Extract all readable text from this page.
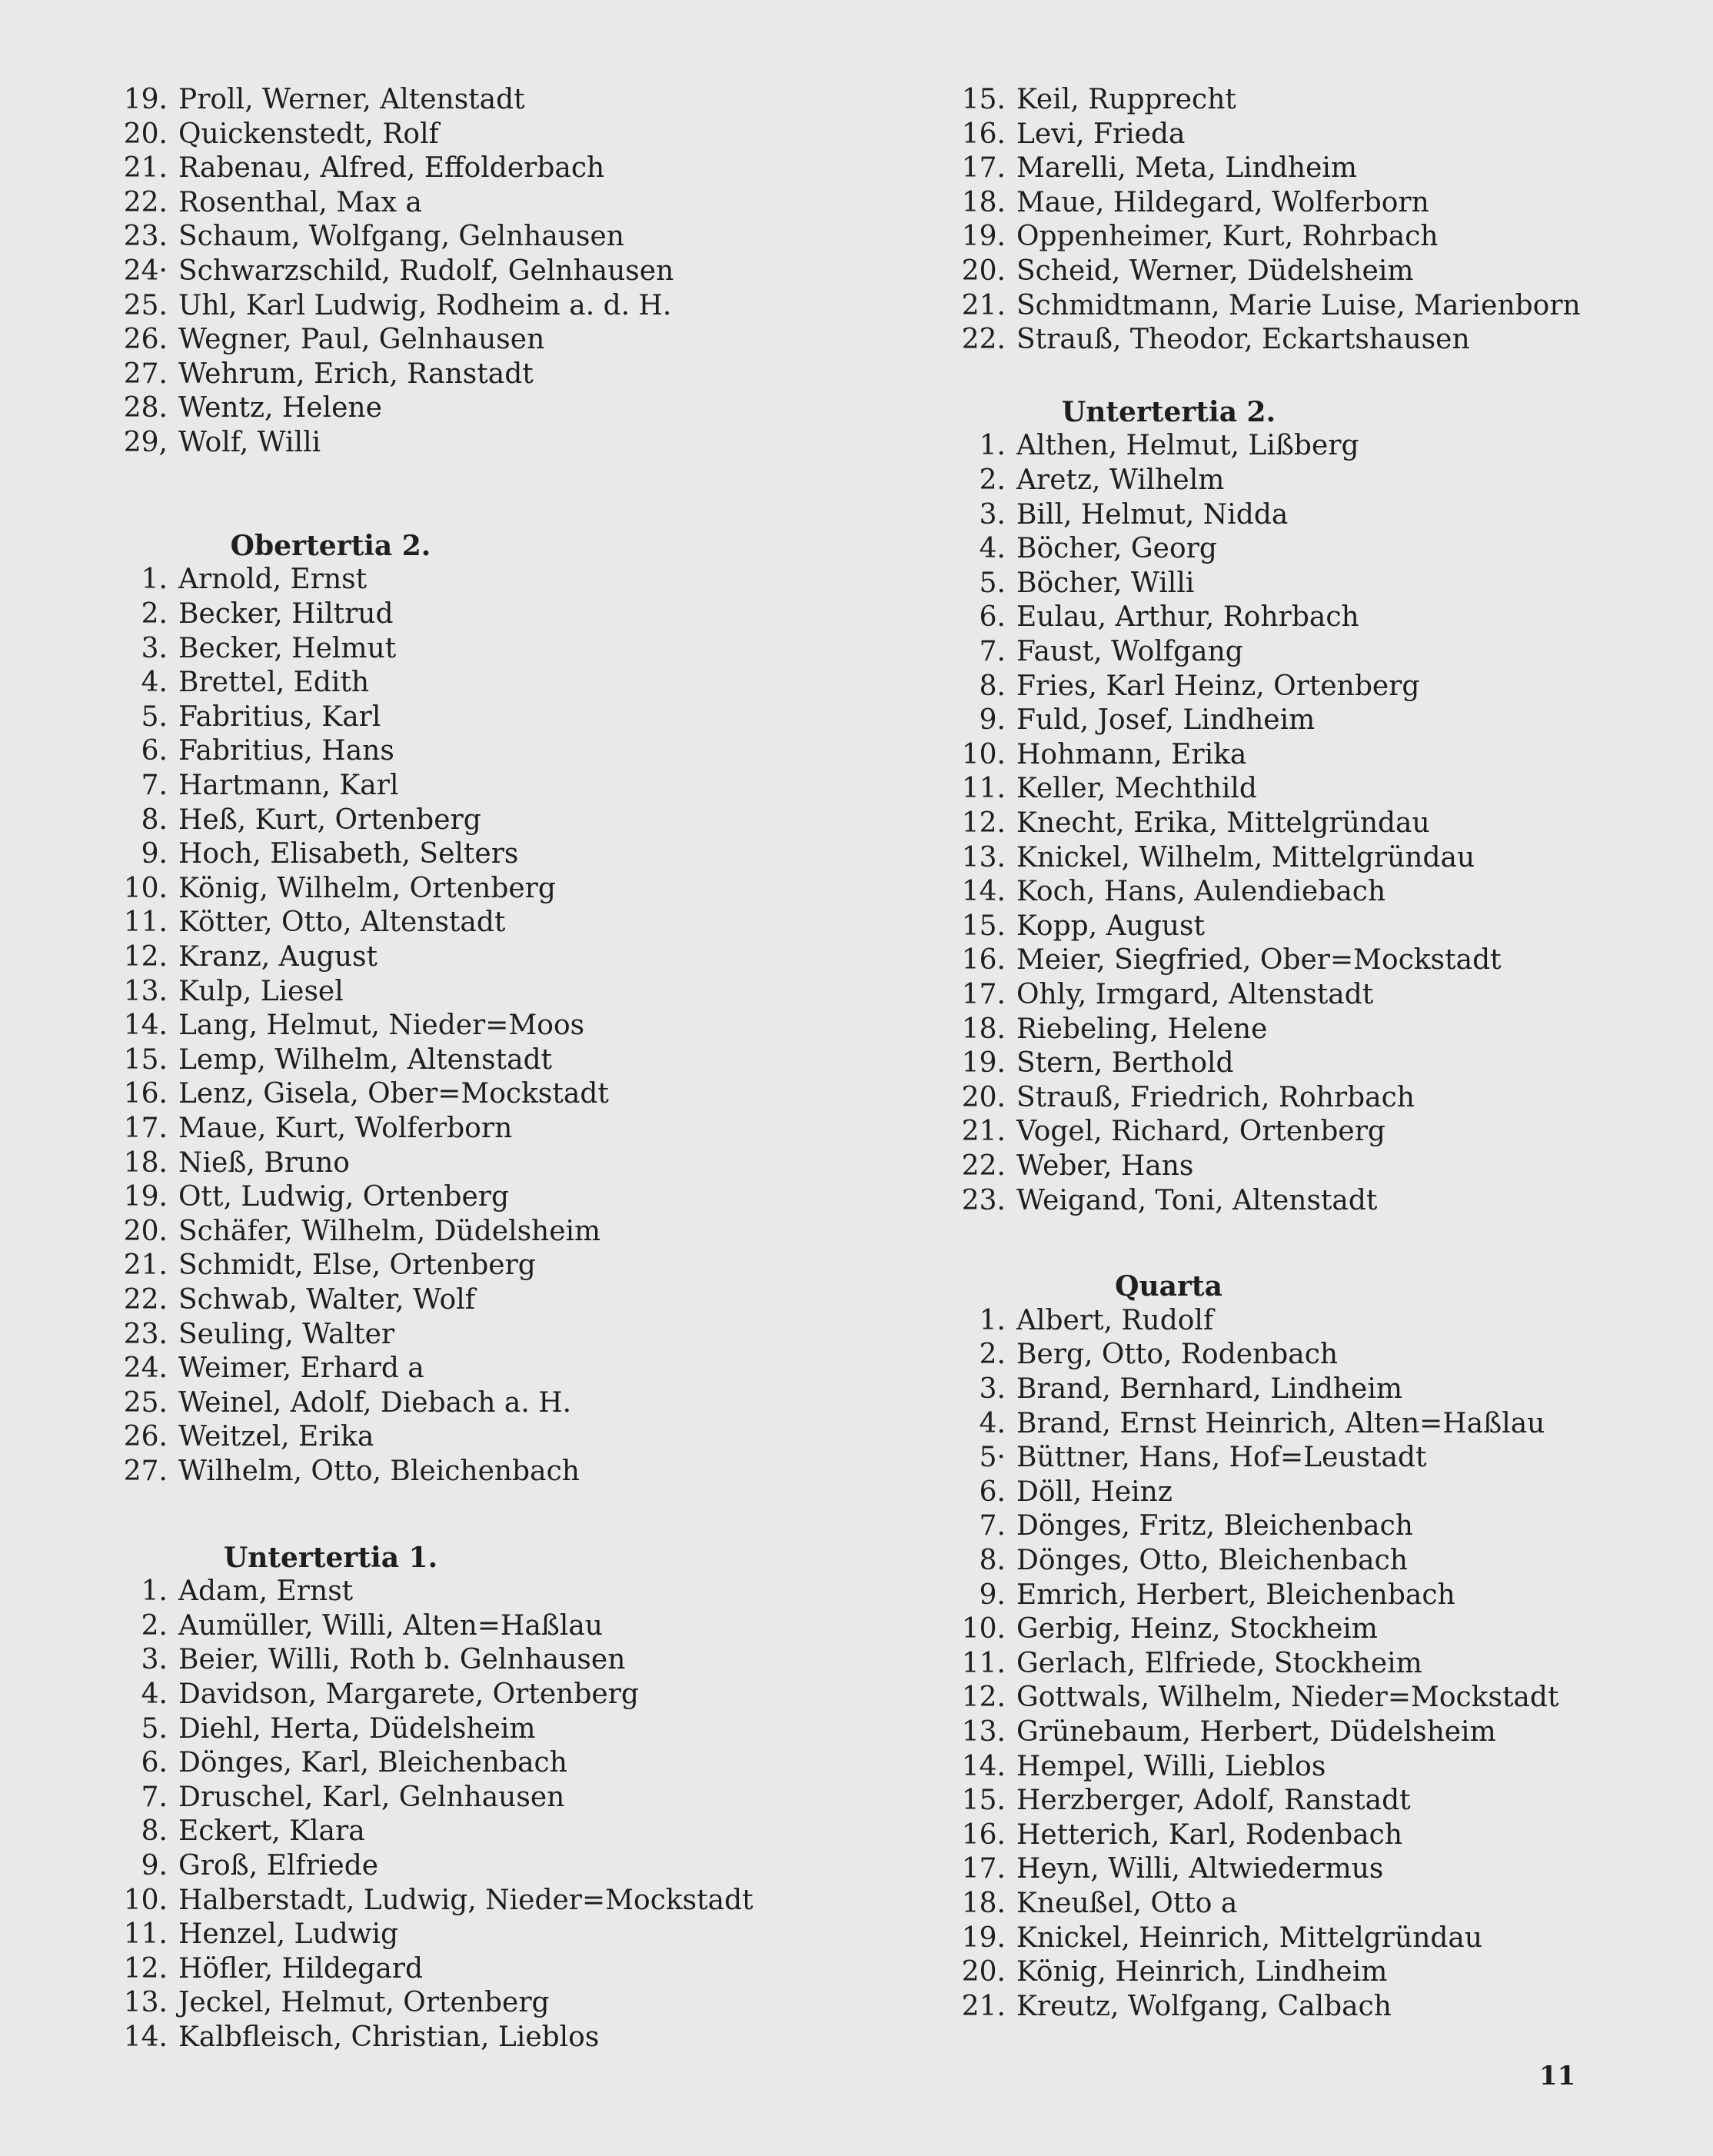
19. Proll, Werner, Altenstadt
20. Quickenstedt, Rolf
21. Rabenau, Alfred, Effolderbach
22. Rosenthal, Max a
23. Schaum, Wolfgang, Gelnhausen
24· Schwarzschild, Rudolf, Gelnhausen
25. Uhl, Karl Ludwig, Rodheim a. d. H.
26. Wegner, Paul, Gelnhausen
27. Wehrum, Erich, Ranstadt
28. Wentz, Helene
29, Wolf, Willi
Obertertia 2.
1. Arnold, Ernst
2. Becker, Hiltrud
3. Becker, Helmut
4. Brettel, Edith
5. Fabritius, Karl
6. Fabritius, Hans
7. Hartmann, Karl
8. Heß, Kurt, Ortenberg
9. Hoch, Elisabeth, Selters
10. König, Wilhelm, Ortenberg
11. Kötter, Otto, Altenstadt
12. Kranz, August
13. Kulp, Liesel
14. Lang, Helmut, Nieder=Moos
15. Lemp, Wilhelm, Altenstadt
16. Lenz, Gisela, Ober=Mockstadt
17. Maue, Kurt, Wolferborn
18. Nieß, Bruno
19. Ott, Ludwig, Ortenberg
20. Schäfer, Wilhelm, Düdelsheim
21. Schmidt, Else, Ortenberg
22. Schwab, Walter, Wolf
23. Seuling, Walter
24. Weimer, Erhard a
25. Weinel, Adolf, Diebach a. H.
26. Weitzel, Erika
27. Wilhelm, Otto, Bleichenbach
Untertertia 1.
1. Adam, Ernst
2. Aumüller, Willi, Alten=Haßlau
3. Beier, Willi, Roth b. Gelnhausen
4. Davidson, Margarete, Ortenberg
5. Diehl, Herta, Düdelsheim
6. Dönges, Karl, Bleichenbach
7. Druschel, Karl, Gelnhausen
8. Eckert, Klara
9. Groß, Elfriede
10. Halberstadt, Ludwig, Nieder=Mockstadt
11. Henzel, Ludwig
12. Höfler, Hildegard
13. Jeckel, Helmut, Ortenberg
14. Kalbfleisch, Christian, Lieblos
15. Keil, Rupprecht
16. Levi, Frieda
17. Marelli, Meta, Lindheim
18. Maue, Hildegard, Wolferborn
19. Oppenheimer, Kurt, Rohrbach
20. Scheid, Werner, Düdelsheim
21. Schmidtmann, Marie Luise, Marienborn
22. Strauß, Theodor, Eckartshausen
Untertertia 2.
1. Althen, Helmut, Lißberg
2. Aretz, Wilhelm
3. Bill, Helmut, Nidda
4. Böcher, Georg
5. Böcher, Willi
6. Eulau, Arthur, Rohrbach
7. Faust, Wolfgang
8. Fries, Karl Heinz, Ortenberg
9. Fuld, Josef, Lindheim
10. Hohmann, Erika
11. Keller, Mechthild
12. Knecht, Erika, Mittelgründau
13. Knickel, Wilhelm, Mittelgründau
14. Koch, Hans, Aulendiebach
15. Kopp, August
16. Meier, Siegfried, Ober=Mockstadt
17. Ohly, Irmgard, Altenstadt
18. Riebeling, Helene
19. Stern, Berthold
20. Strauß, Friedrich, Rohrbach
21. Vogel, Richard, Ortenberg
22. Weber, Hans
23. Weigand, Toni, Altenstadt
Quarta
1. Albert, Rudolf
2. Berg, Otto, Rodenbach
3. Brand, Bernhard, Lindheim
4. Brand, Ernst Heinrich, Alten=Haßlau
5· Büttner, Hans, Hof=Leustadt
6. Döll, Heinz
7. Dönges, Fritz, Bleichenbach
8. Dönges, Otto, Bleichenbach
9. Emrich, Herbert, Bleichenbach
10. Gerbig, Heinz, Stockheim
11. Gerlach, Elfriede, Stockheim
12. Gottwals, Wilhelm, Nieder=Mockstadt
13. Grünebaum, Herbert, Düdelsheim
14. Hempel, Willi, Lieblos
15. Herzberger, Adolf, Ranstadt
16. Hetterich, Karl, Rodenbach
17. Heyn, Willi, Altwiedermus
18. Kneußel, Otto a
19. Knickel, Heinrich, Mittelgründau
20. König, Heinrich, Lindheim
21. Kreutz, Wolfgang, Calbach
11
